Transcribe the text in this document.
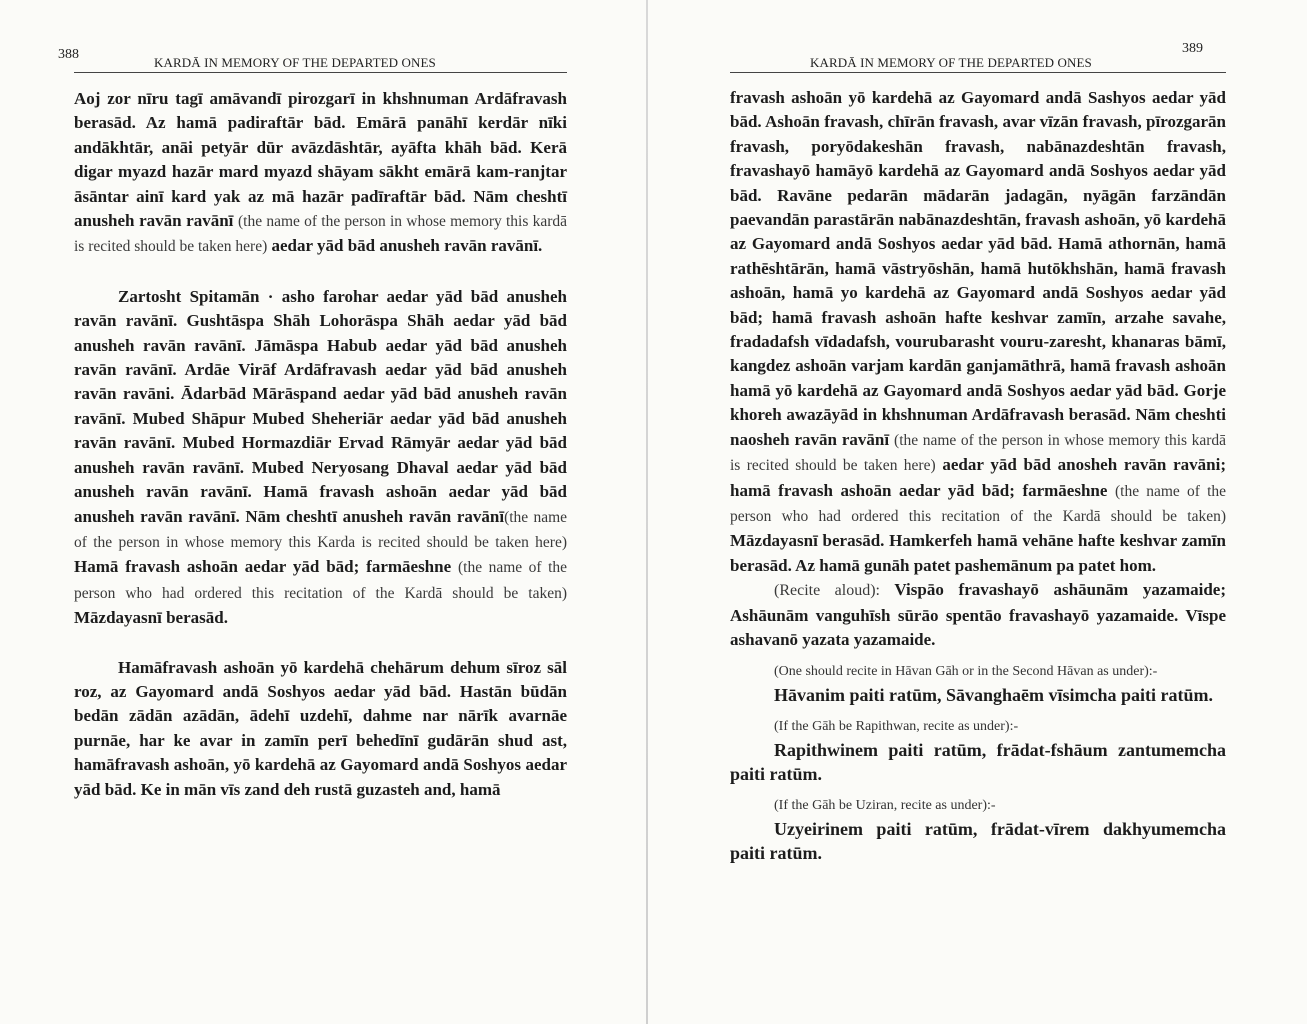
388
KARDĀ IN MEMORY OF THE DEPARTED ONES

Aoj zor nīru tagī amāvandī pirozgarī in khshnuman Ardāfravash berasād. Az hamā padiraftār bād. Emārā panāhī kerdār nīki andākhtār, anāi petyār dūr avāzdāshtār, ayāfta khāh bād. Kerā digar myazd hazār mard myazd shāyam sākht emārā kam-ranjtar āsāntar ainī kard yak az mā hazār padīraftār bād. Nām cheshtī anusheh ravān ravānī (the name of the person in whose memory this kardā is recited should be taken here) aedar yād bād anusheh ravān ravānī.

Zartosht Spitamān · asho farohar aedar yād bād anusheh ravān ravānī. Gushtāspa Shāh Lohorāspa Shāh aedar yād bād anusheh ravān ravānī. Jāmāspa Habub aedar yād bād anusheh ravān ravānī. Ardāe Virāf Ardāfravash aedar yād bād anusheh ravān ravāni. Ādarbād Mārāspand aedar yād bād anusheh ravān ravānī. Mubed Shāpur Mubed Sheheriār aedar yād bād anusheh ravān ravānī. Mubed Hormazdiār Ervad Rāmyār aedar yād bād anusheh ravān ravānī. Mubed Neryosang Dhaval aedar yād bād anusheh ravān ravānī. Hamā fravash ashoān aedar yād bād anusheh ravān ravānī. Nām cheshtī anusheh ravān ravānī(the name of the person in whose memory this Karda is recited should be taken here) Hamā fravash ashoān aedar yād bād; farmāeshne (the name of the person who had ordered this recitation of the Kardā should be taken) Māzdayasnī berasād.

Hamāfravash ashoān yō kardehā chehārum dehum sīroz sāl roz, az Gayomard andā Soshyos aedar yād bād. Hastān būdān bedān zādān azādān, ādehī uzdehī, dahme nar nārīk avarnāe purnāe, har ke avar in zamīn perī behedīnī gudārān shud ast, hamāfravash ashoān, yō kardehā az Gayomard andā Soshyos aedar yād bād. Ke in mān vīs zand deh rustā guzasteh and, hamā

389
KARDĀ IN MEMORY OF THE DEPARTED ONES

fravash ashoān yō kardehā az Gayomard andā Sashyos aedar yād bād. Ashoān fravash, chīrān fravash, avar vīzān fravash, pīrozgarān fravash, poryōdakeshān fravash, nabānazdeshtān fravash, fravashayō hamāyō kardehā az Gayomard andā Soshyos aedar yād bād. Ravāne pedarān mādarān jadagān, nyāgān farzāndān paevandān parastārān nabānazdeshtān, fravash ashoān, yō kardehā az Gayomard andā Soshyos aedar yād bād. Hamā athornān, hamā rathēshtārān, hamā vāstryōshān, hamā hutōkhshān, hamā fravash ashoān, hamā yo kardehā az Gayomard andā Soshyos aedar yād bād; hamā fravash ashoān hafte keshvar zamīn, arzahe savahe, fradadafsh vīdadafsh, vourubarasht vouru-zaresht, khanaras bāmī, kangdez ashoān varjam kardān ganjamāthrā, hamā fravash ashoān hamā yō kardehā az Gayomard andā Soshyos aedar yād bād. Gorje khoreh awazāyād in khshnuman Ardāfravash berasād. Nām cheshti naosheh ravān ravānī (the name of the person in whose memory this kardā is recited should be taken here) aedar yād bād anosheh ravān ravāni; hamā fravash ashoān aedar yād bād; farmāeshne (the name of the person who had ordered this recitation of the Kardā should be taken) Māzdayasnī berasād. Hamkerfeh hamā vehāne hafte keshvar zamīn berasād. Az hamā gunāh patet pashemānum pa patet hom.

(Recite aloud): Vispāo fravashayō ashāunām yazamaide; Ashāunām vanguhīsh sūrāo spentāo fravashayō yazamaide. Vīspe ashavanō yazata yazamaide.

(One should recite in Hāvan Gāh or in the Second Hāvan as under):-

Hāvanim paiti ratūm, Sāvanghaēm vīsimcha paiti ratūm.

(If the Gāh be Rapithwan, recite as under):-

Rapithwinem paiti ratūm, frādat-fshāum zantumemcha paiti ratūm.

(If the Gāh be Uziran, recite as under):-

Uzyeirinem paiti ratūm, frādat-vīrem dakhyumemcha paiti ratūm.
